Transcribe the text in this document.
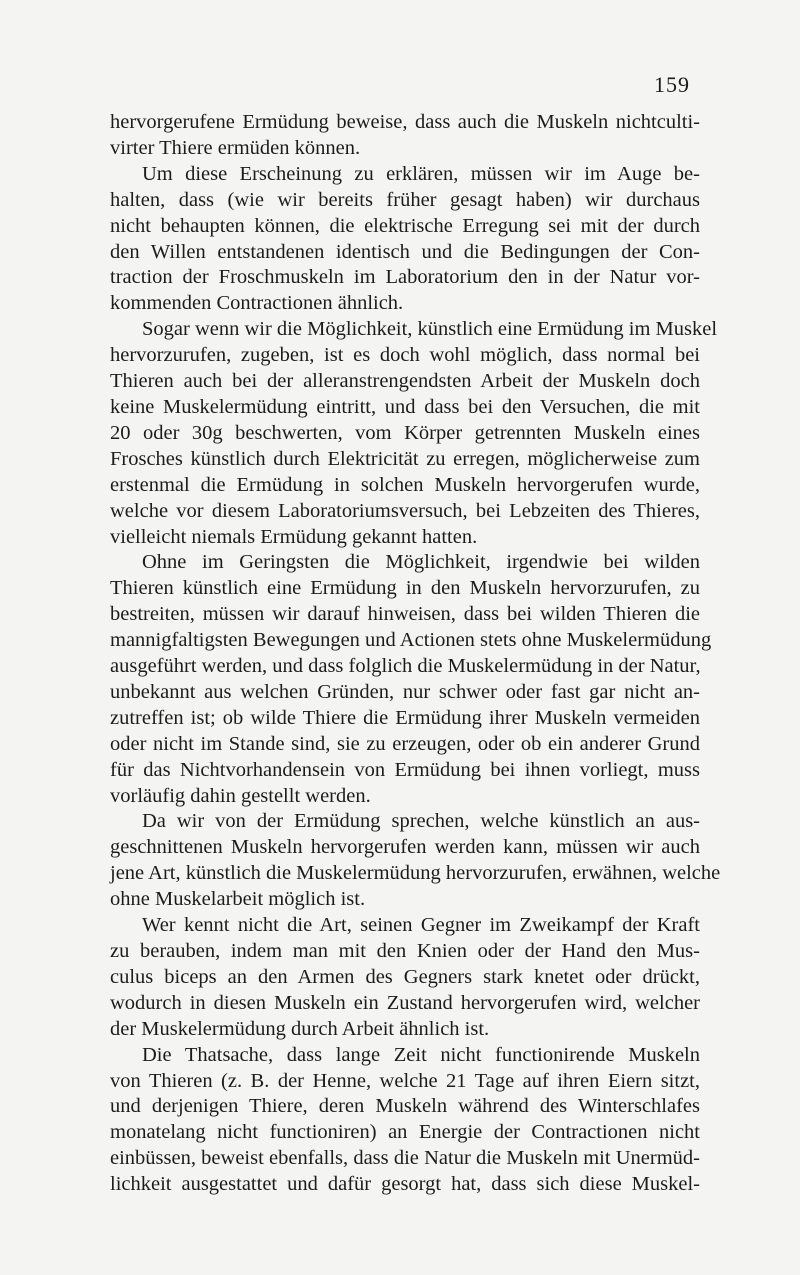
159
hervorgerufene Ermüdung beweise, dass auch die Muskeln nichtculti-
virter Thiere ermüden können.
Um diese Erscheinung zu erklären, müssen wir im Auge be-
halten, dass (wie wir bereits früher gesagt haben) wir durchaus
nicht behaupten können, die elektrische Erregung sei mit der durch
den Willen entstandenen identisch und die Bedingungen der Con-
traction der Froschmuskeln im Laboratorium den in der Natur vor-
kommenden Contractionen ähnlich.
Sogar wenn wir die Möglichkeit, künstlich eine Ermüdung im Muskel
hervorzurufen, zugeben, ist es doch wohl möglich, dass normal bei
Thieren auch bei der alleranstrengendsten Arbeit der Muskeln doch
keine Muskelermüdung eintritt, und dass bei den Versuchen, die mit
20 oder 30g beschwerten, vom Körper getrennten Muskeln eines
Frosches künstlich durch Elektricität zu erregen, möglicherweise zum
erstenmal die Ermüdung in solchen Muskeln hervorgerufen wurde,
welche vor diesem Laboratoriumsversuch, bei Lebzeiten des Thieres,
vielleicht niemals Ermüdung gekannt hatten.
Ohne im Geringsten die Möglichkeit, irgendwie bei wilden
Thieren künstlich eine Ermüdung in den Muskeln hervorzurufen, zu
bestreiten, müssen wir darauf hinweisen, dass bei wilden Thieren die
mannigfaltigsten Bewegungen und Actionen stets ohne Muskelermüdung
ausgeführt werden, und dass folglich die Muskelermüdung in der Natur,
unbekannt aus welchen Gründen, nur schwer oder fast gar nicht an-
zutreffen ist; ob wilde Thiere die Ermüdung ihrer Muskeln vermeiden
oder nicht im Stande sind, sie zu erzeugen, oder ob ein anderer Grund
für das Nichtvorhandensein von Ermüdung bei ihnen vorliegt, muss
vorläufig dahin gestellt werden.
Da wir von der Ermüdung sprechen, welche künstlich an aus-
geschnittenen Muskeln hervorgerufen werden kann, müssen wir auch
jene Art, künstlich die Muskelermüdung hervorzurufen, erwähnen, welche
ohne Muskelarbeit möglich ist.
Wer kennt nicht die Art, seinen Gegner im Zweikampf der Kraft
zu berauben, indem man mit den Knien oder der Hand den Mus-
culus biceps an den Armen des Gegners stark knetet oder drückt,
wodurch in diesen Muskeln ein Zustand hervorgerufen wird, welcher
der Muskelermüdung durch Arbeit ähnlich ist.
Die Thatsache, dass lange Zeit nicht functionirende Muskeln
von Thieren (z. B. der Henne, welche 21 Tage auf ihren Eiern sitzt,
und derjenigen Thiere, deren Muskeln während des Winterschlafes
monatelang nicht functioniren) an Energie der Contractionen nicht
einbüssen, beweist ebenfalls, dass die Natur die Muskeln mit Unermüd-
lichkeit ausgestattet und dafür gesorgt hat, dass sich diese Muskel-
